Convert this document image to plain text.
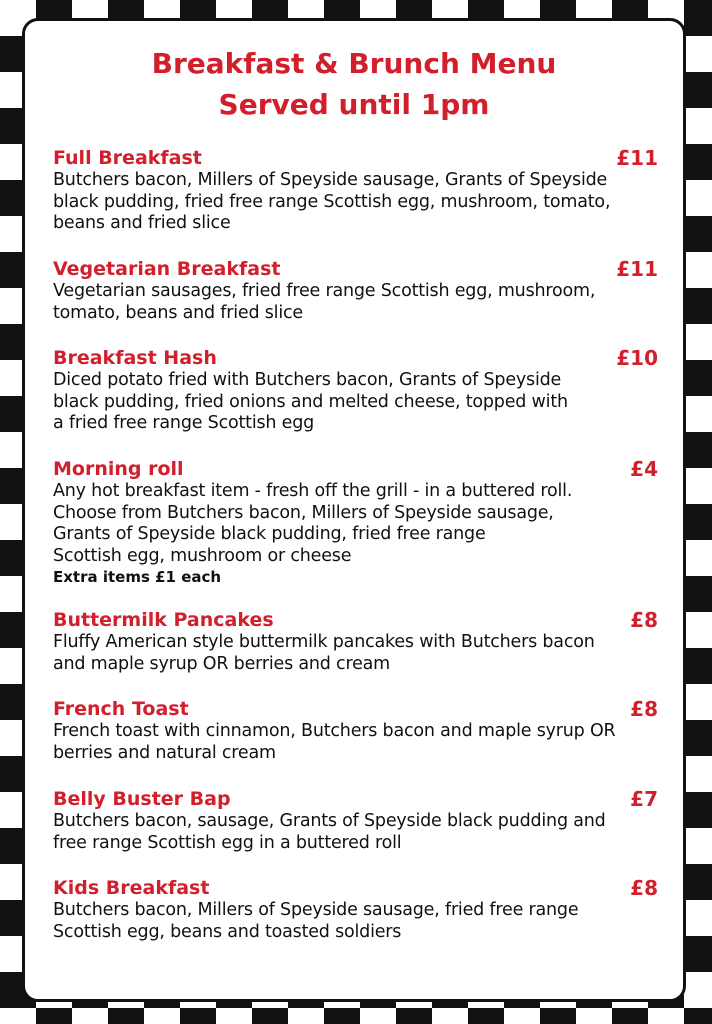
Breakfast & Brunch Menu
Served until 1pm
Full Breakfast	£11
Butchers bacon, Millers of Speyside sausage, Grants of Speyside
black pudding, fried free range Scottish egg, mushroom, tomato,
beans and fried slice
Vegetarian Breakfast	£11
Vegetarian sausages, fried free range Scottish egg, mushroom,
tomato, beans and fried slice
Breakfast Hash	£10
Diced potato fried with Butchers bacon, Grants of Speyside
black pudding, fried onions and melted cheese, topped with
a fried free range Scottish egg
Morning roll	£4
Any hot breakfast item - fresh off the grill - in a buttered roll.
Choose from Butchers bacon, Millers of Speyside sausage,
Grants of Speyside black pudding, fried free range
Scottish egg, mushroom or cheese
Extra items £1 each
Buttermilk Pancakes	£8
Fluffy American style buttermilk pancakes with Butchers bacon
and maple syrup OR berries and cream
French Toast	£8
French toast with cinnamon, Butchers bacon and maple syrup OR
berries and natural cream
Belly Buster Bap	£7
Butchers bacon, sausage, Grants of Speyside black pudding and
free range Scottish egg in a buttered roll
Kids Breakfast	£8
Butchers bacon, Millers of Speyside sausage, fried free range
Scottish egg, beans and toasted soldiers
